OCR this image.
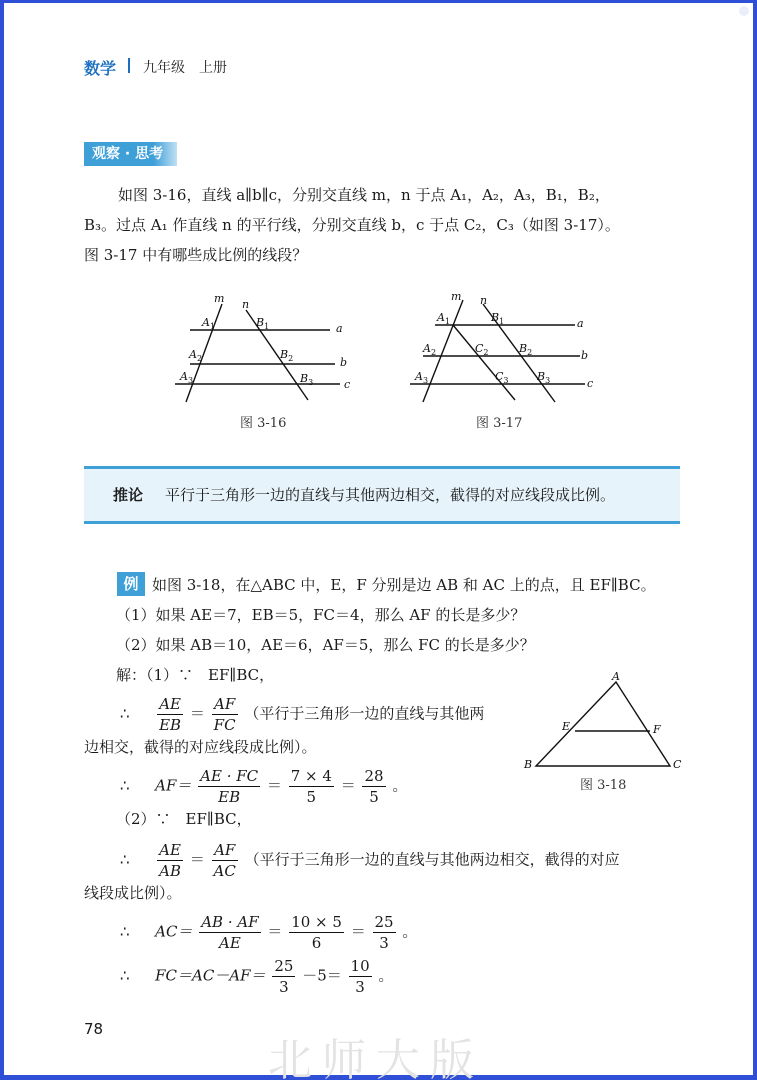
数学 九年级　上册
观察 · 思考
如图 3-16，直线 a∥b∥c，分别交直线 m，n 于点 A₁，A₂，A₃，B₁，B₂，
B₃。过点 A₁ 作直线 n 的平行线，分别交直线 b，c 于点 C₂，C₃（如图 3-17）。
图 3-17 中有哪些成比例的线段？
m n
$A_1$	$B_1$
$A_2$	$B_2$
$A_3$	$B_3$
a
b
c
图 3-16
m n
$A_1$	$B_1$
$A_2$	$C_2$	$B_2$
$A_3$	$C_3$	$B_3$
a
b
c
图 3-17
推论 平行于三角形一边的直线与其他两边相交，截得的对应线段成比例。
例 如图 3-18，在△ABC 中，E，F 分别是边 AB 和 AC 上的点，且 EF∥BC。
（1）如果 AE＝7，EB＝5，FC＝4，那么 AF 的长是多少？
（2）如果 AB＝10，AE＝6，AF＝5，那么 FC 的长是多少？
解：（1）∵　EF∥BC，
∴ $\frac{AE}{EB} = \frac{AF}{FC}$ （平行于三角形一边的直线与其他两
边相交，截得的对应线段成比例）。
A
B	C
E	F
图 3-18
∴ $AF= \frac{AE \cdot FC}{EB} = \frac{7 \times 4}{5} = \frac{28}{5}$ 。
（2）∵　EF∥BC，
∴ $\frac{AE}{AB} = \frac{AF}{AC}$ （平行于三角形一边的直线与其他两边相交，截得的对应
线段成比例）。
∴ $AC= \frac{AB \cdot AF}{AE} = \frac{10 \times 5}{6} = \frac{25}{3}$ 。
∴ $FC=AC-AF= \frac{25}{3} -5= \frac{10}{3}$ 。
78
北师大版
